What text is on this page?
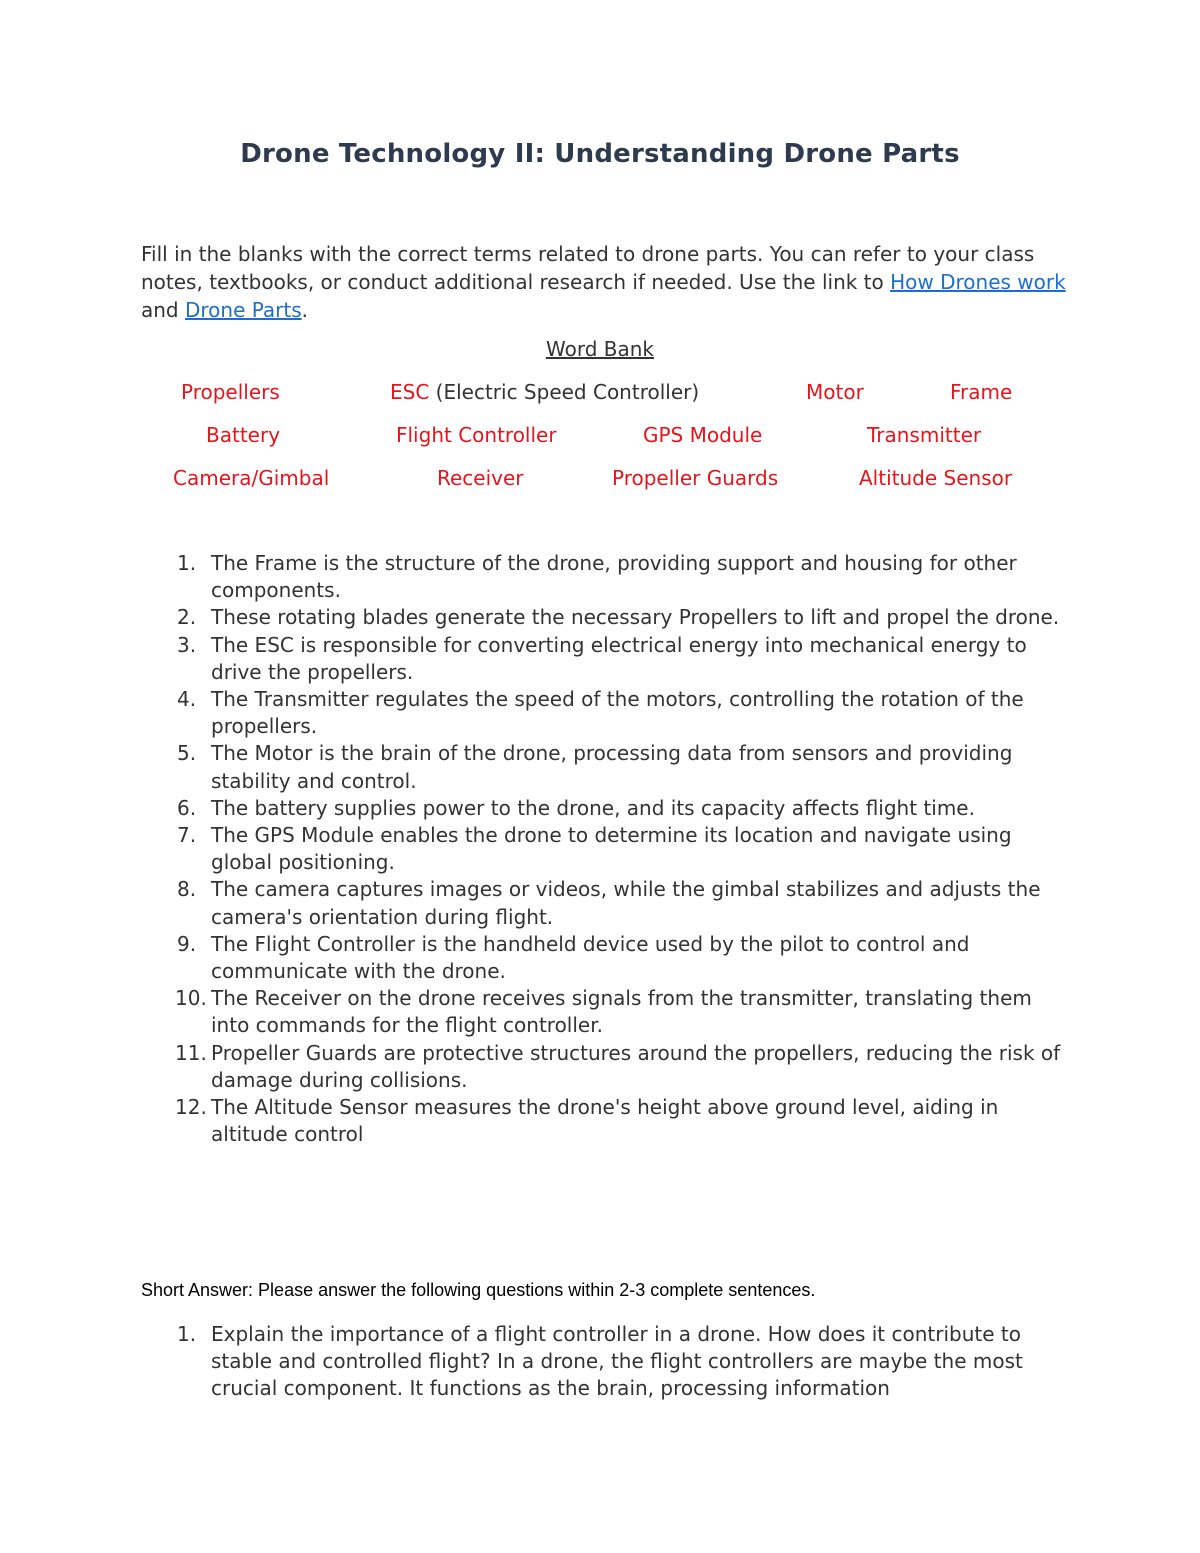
Drone Technology II: Understanding Drone Parts

Fill in the blanks with the correct terms related to drone parts. You can refer to your class notes, textbooks, or conduct additional research if needed. Use the link to How Drones work and Drone Parts.

Word Bank
Propellers	ESC (Electric Speed Controller)	Motor	Frame
Battery	Flight Controller	GPS Module	Transmitter
Camera/Gimbal	Receiver	Propeller Guards	Altitude Sensor
1. The Frame is the structure of the drone, providing support and housing for other components.
2. These rotating blades generate the necessary Propellers to lift and propel the drone.
3. The ESC is responsible for converting electrical energy into mechanical energy to drive the propellers.
4. The Transmitter regulates the speed of the motors, controlling the rotation of the propellers.
5. The Motor is the brain of the drone, processing data from sensors and providing stability and control.
6. The battery supplies power to the drone, and its capacity affects flight time.
7. The GPS Module enables the drone to determine its location and navigate using global positioning.
8. The camera captures images or videos, while the gimbal stabilizes and adjusts the camera's orientation during flight.
9. The Flight Controller is the handheld device used by the pilot to control and communicate with the drone.
10. The Receiver on the drone receives signals from the transmitter, translating them into commands for the flight controller.
11. Propeller Guards are protective structures around the propellers, reducing the risk of damage during collisions.
12. The Altitude Sensor measures the drone's height above ground level, aiding in altitude control
Short Answer: Please answer the following questions within 2-3 complete sentences.
1. Explain the importance of a flight controller in a drone. How does it contribute to stable and controlled flight? In a drone, the flight controllers are maybe the most crucial component. It functions as the brain, processing information
